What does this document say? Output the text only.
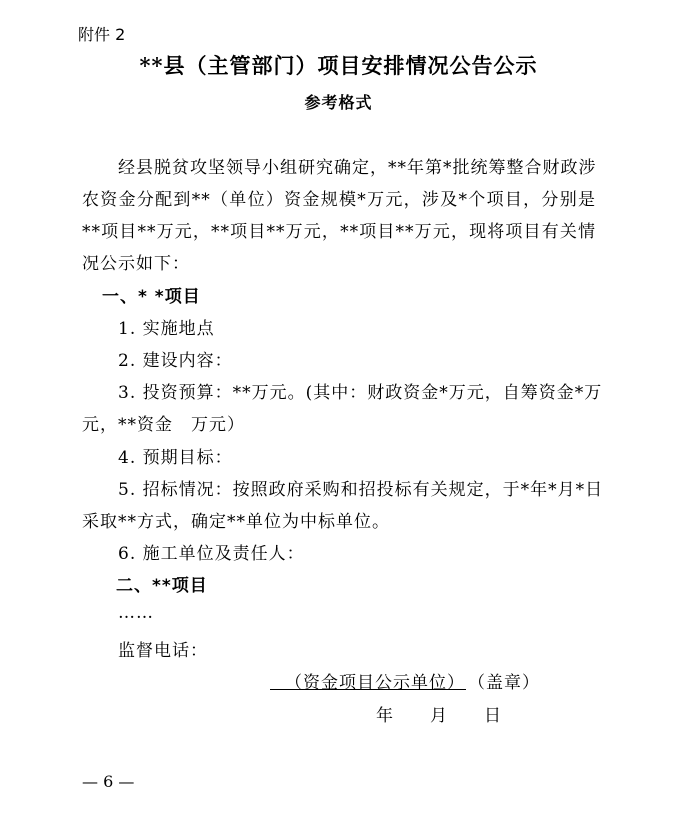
附件 2
**县（主管部门）项目安排情况公告公示
参考格式
经县脱贫攻坚领导小组研究确定，**年第*批统筹整合财政涉
农资金分配到**（单位）资金规模*万元，涉及*个项目，分别是
**项目**万元，**项目**万元，**项目**万元，现将项目有关情
况公示如下：
一、* *项目
1. 实施地点
2. 建设内容：
3. 投资预算：**万元。(其中：财政资金*万元，自筹资金*万
元，**资金　万元）
4. 预期目标：
5. 招标情况：按照政府采购和招投标有关规定，于*年*月*日
采取**方式，确定**单位为中标单位。
6. 施工单位及责任人：
二、**项目
……
监督电话：
（资金项目公示单位） （盖章）
年　　月　　日
— 6 —
